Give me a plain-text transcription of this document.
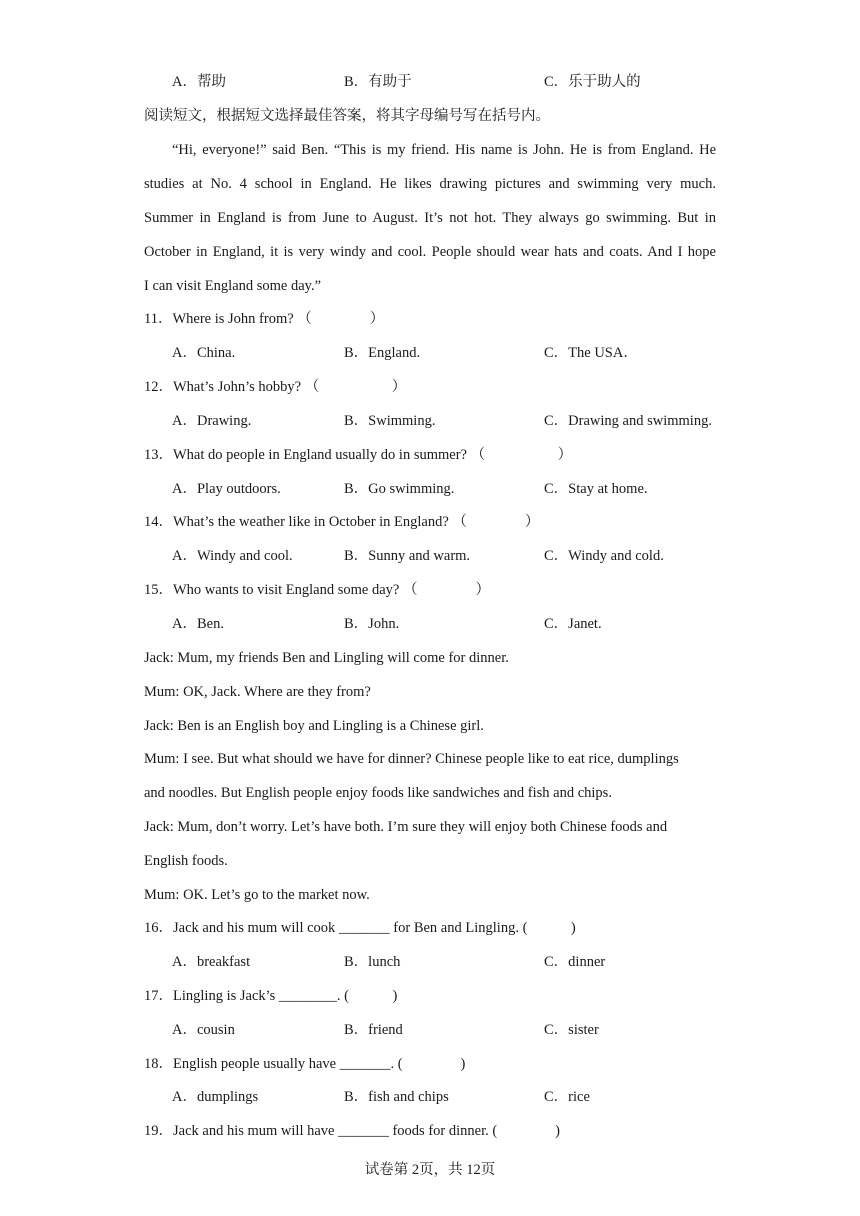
A．帮助	B．有助于	C．乐于助人的
阅读短文，根据短文选择最佳答案，将其字母编号写在括号内。
“Hi, everyone!” said Ben. “This is my friend. His name is John. He is from England. He
studies at No. 4 school in England. He likes drawing pictures and swimming very much.
Summer in England is from June to August. It’s not hot. They always go swimming. But in
October in England, it is very windy and cool. People should wear hats and coats. And I hope
I can visit England some day.”
11．Where is John from? （　　　　）
A．China.	B．England.	C．The USA．
12．What’s John’s hobby? （　　　　　）
A．Drawing.	B．Swimming.	C．Drawing and swimming.
13．What do people in England usually do in summer? （　　　　　）
A．Play outdoors.	B．Go swimming.	C．Stay at home.
14．What’s the weather like in October in England? （　　　　）
A．Windy and cool.	B．Sunny and warm.	C．Windy and cold.
15．Who wants to visit England some day? （　　　　）
A．Ben.	B．John.	C．Janet.
Jack: Mum, my friends Ben and Lingling will come for dinner.
Mum: OK, Jack. Where are they from?
Jack: Ben is an English boy and Lingling is a Chinese girl.
Mum: I see. But what should we have for dinner? Chinese people like to eat rice, dumplings
and noodles. But English people enjoy foods like sandwiches and fish and chips.
Jack: Mum, don’t worry. Let’s have both. I’m sure they will enjoy both Chinese foods and
English foods.
Mum: OK. Let’s go to the market now.
16．Jack and his mum will cook _______ for Ben and Lingling. (　　　)
A．breakfast	B．lunch	C．dinner
17．Lingling is Jack’s ________. (　　　)
A．cousin	B．friend	C．sister
18．English people usually have _______. (　　　　)
A．dumplings	B．fish and chips	C．rice
19．Jack and his mum will have _______ foods for dinner. (　　　　)
试卷第 2页，共 12页
